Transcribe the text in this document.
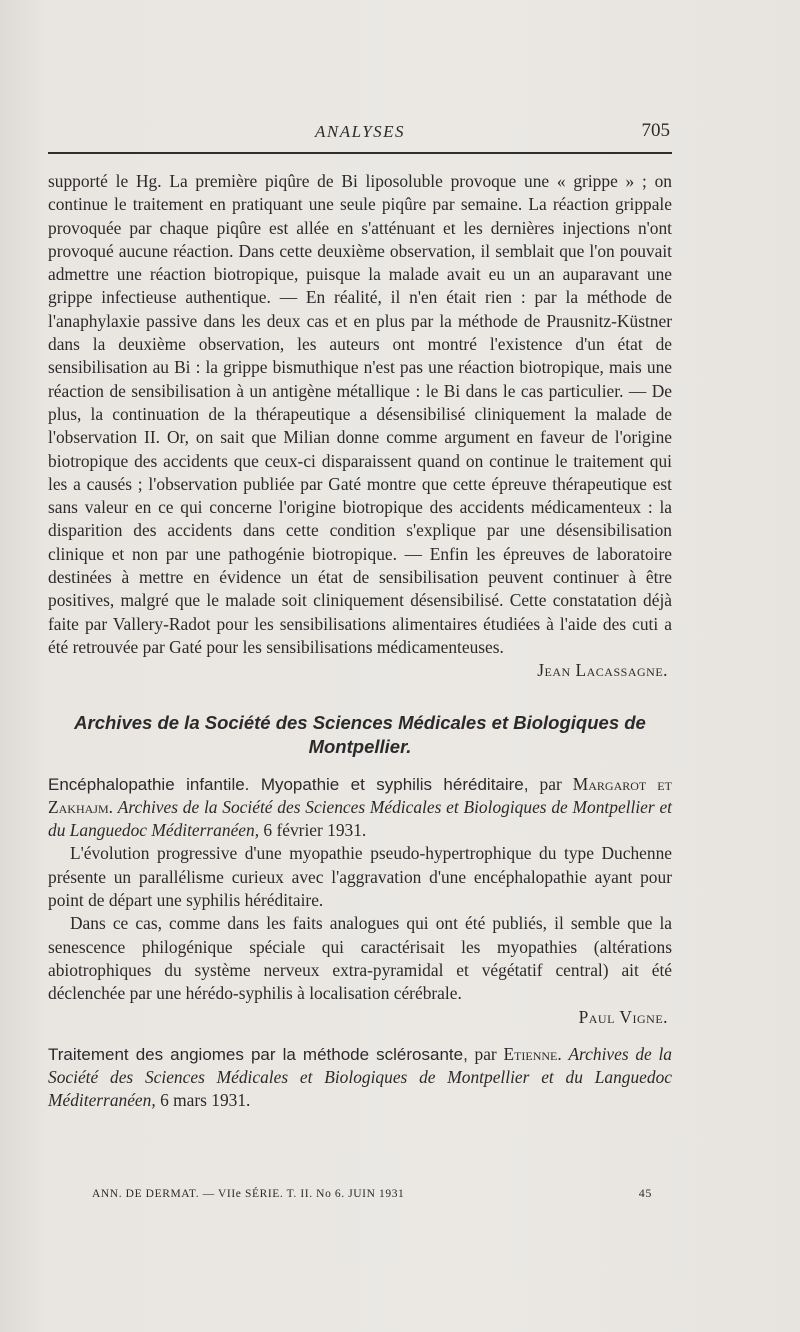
ANALYSES	705

supporté le Hg. La première piqûre de Bi liposoluble provoque une « grippe » ; on continue le traitement en pratiquant une seule piqûre par semaine. La réaction grippale provoquée par chaque piqûre est allée en s'atténuant et les dernières injections n'ont provoqué aucune réaction. Dans cette deuxième observation, il semblait que l'on pouvait admettre une réaction biotropique, puisque la malade avait eu un an auparavant une grippe infectieuse authentique. — En réalité, il n'en était rien : par la méthode de l'anaphylaxie passive dans les deux cas et en plus par la méthode de Prausnitz-Küstner dans la deuxième observation, les auteurs ont montré l'existence d'un état de sensibilisation au Bi : la grippe bismuthique n'est pas une réaction biotropique, mais une réaction de sensibilisation à un antigène métallique : le Bi dans le cas particulier. — De plus, la continuation de la thérapeutique a désensibilisé cliniquement la malade de l'observation II. Or, on sait que Milian donne comme argument en faveur de l'origine biotropique des accidents que ceux-ci disparaissent quand on continue le traitement qui les a causés ; l'observation publiée par Gaté montre que cette épreuve thérapeutique est sans valeur en ce qui concerne l'origine biotropique des accidents médicamenteux : la disparition des accidents dans cette condition s'explique par une désensibilisation clinique et non par une pathogénie biotropique. — Enfin les épreuves de laboratoire destinées à mettre en évidence un état de sensibilisation peuvent continuer à être positives, malgré que le malade soit cliniquement désensibilisé. Cette constatation déjà faite par Vallery-Radot pour les sensibilisations alimentaires étudiées à l'aide des cuti a été retrouvée par Gaté pour les sensibilisations médicamenteuses.

Jean Lacassagne.

Archives de la Société des Sciences Médicales et Biologiques de Montpellier.

Encéphalopathie infantile. Myopathie et syphilis héréditaire, par Margarot et Zakhajm. Archives de la Société des Sciences Médicales et Biologiques de Montpellier et du Languedoc Méditerranéen, 6 février 1931.

L'évolution progressive d'une myopathie pseudo-hypertrophique du type Duchenne présente un parallélisme curieux avec l'aggravation d'une encéphalopathie ayant pour point de départ une syphilis héréditaire.

Dans ce cas, comme dans les faits analogues qui ont été publiés, il semble que la senescence philogénique spéciale qui caractérisait les myopathies (altérations abiotrophiques du système nerveux extra-pyramidal et végétatif central) ait été déclenchée par une hérédo-syphilis à localisation cérébrale.

Paul Vigne.

Traitement des angiomes par la méthode sclérosante, par Etienne. Archives de la Société des Sciences Médicales et Biologiques de Montpellier et du Languedoc Méditerranéen, 6 mars 1931.

ANN. DE DERMAT. — VIIe SÉRIE. T. II. No 6. JUIN 1931	45
